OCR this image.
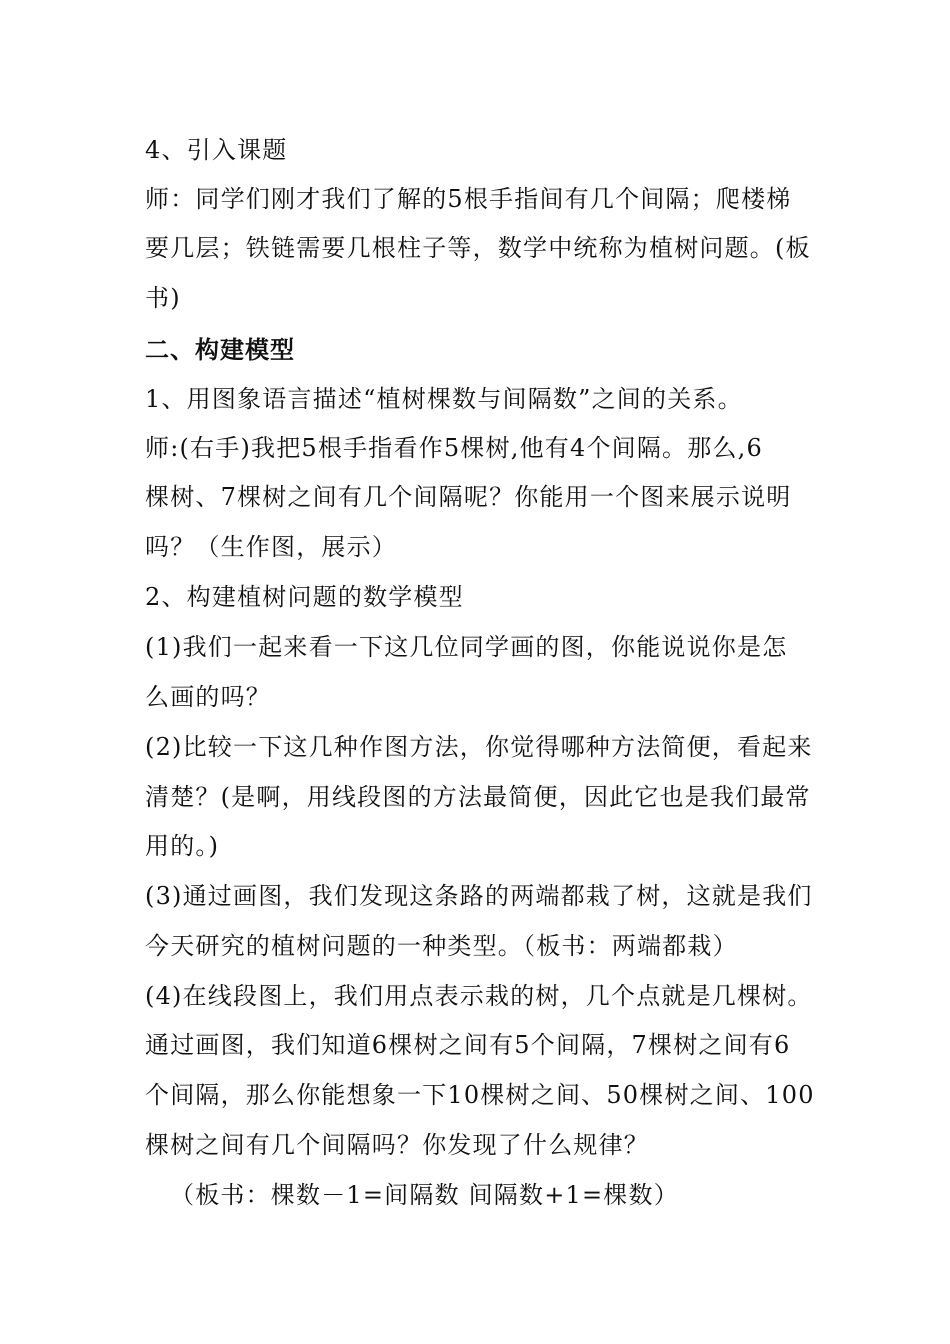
4、引入课题
师：同学们刚才我们了解的5根手指间有几个间隔；爬楼梯
要几层；铁链需要几根柱子等，数学中统称为植树问题。(板
书)
二、构建模型
1、用图象语言描述“植树棵数与间隔数”之间的关系。
师:(右手)我把5根手指看作5棵树,他有4个间隔。那么,6
棵树、7棵树之间有几个间隔呢？你能用一个图来展示说明
吗？（生作图，展示）
2、构建植树问题的数学模型
(1)我们一起来看一下这几位同学画的图，你能说说你是怎
么画的吗？
(2)比较一下这几种作图方法，你觉得哪种方法简便，看起来
清楚？(是啊，用线段图的方法最简便，因此它也是我们最常
用的。)
(3)通过画图，我们发现这条路的两端都栽了树，这就是我们
今天研究的植树问题的一种类型。（板书：两端都栽）
(4)在线段图上，我们用点表示栽的树，几个点就是几棵树。
通过画图，我们知道6棵树之间有5个间隔，7棵树之间有6
个间隔，那么你能想象一下10棵树之间、50棵树之间、100
棵树之间有几个间隔吗？你发现了什么规律？
（板书：棵数－1=间隔数 间隔数+1=棵数）
